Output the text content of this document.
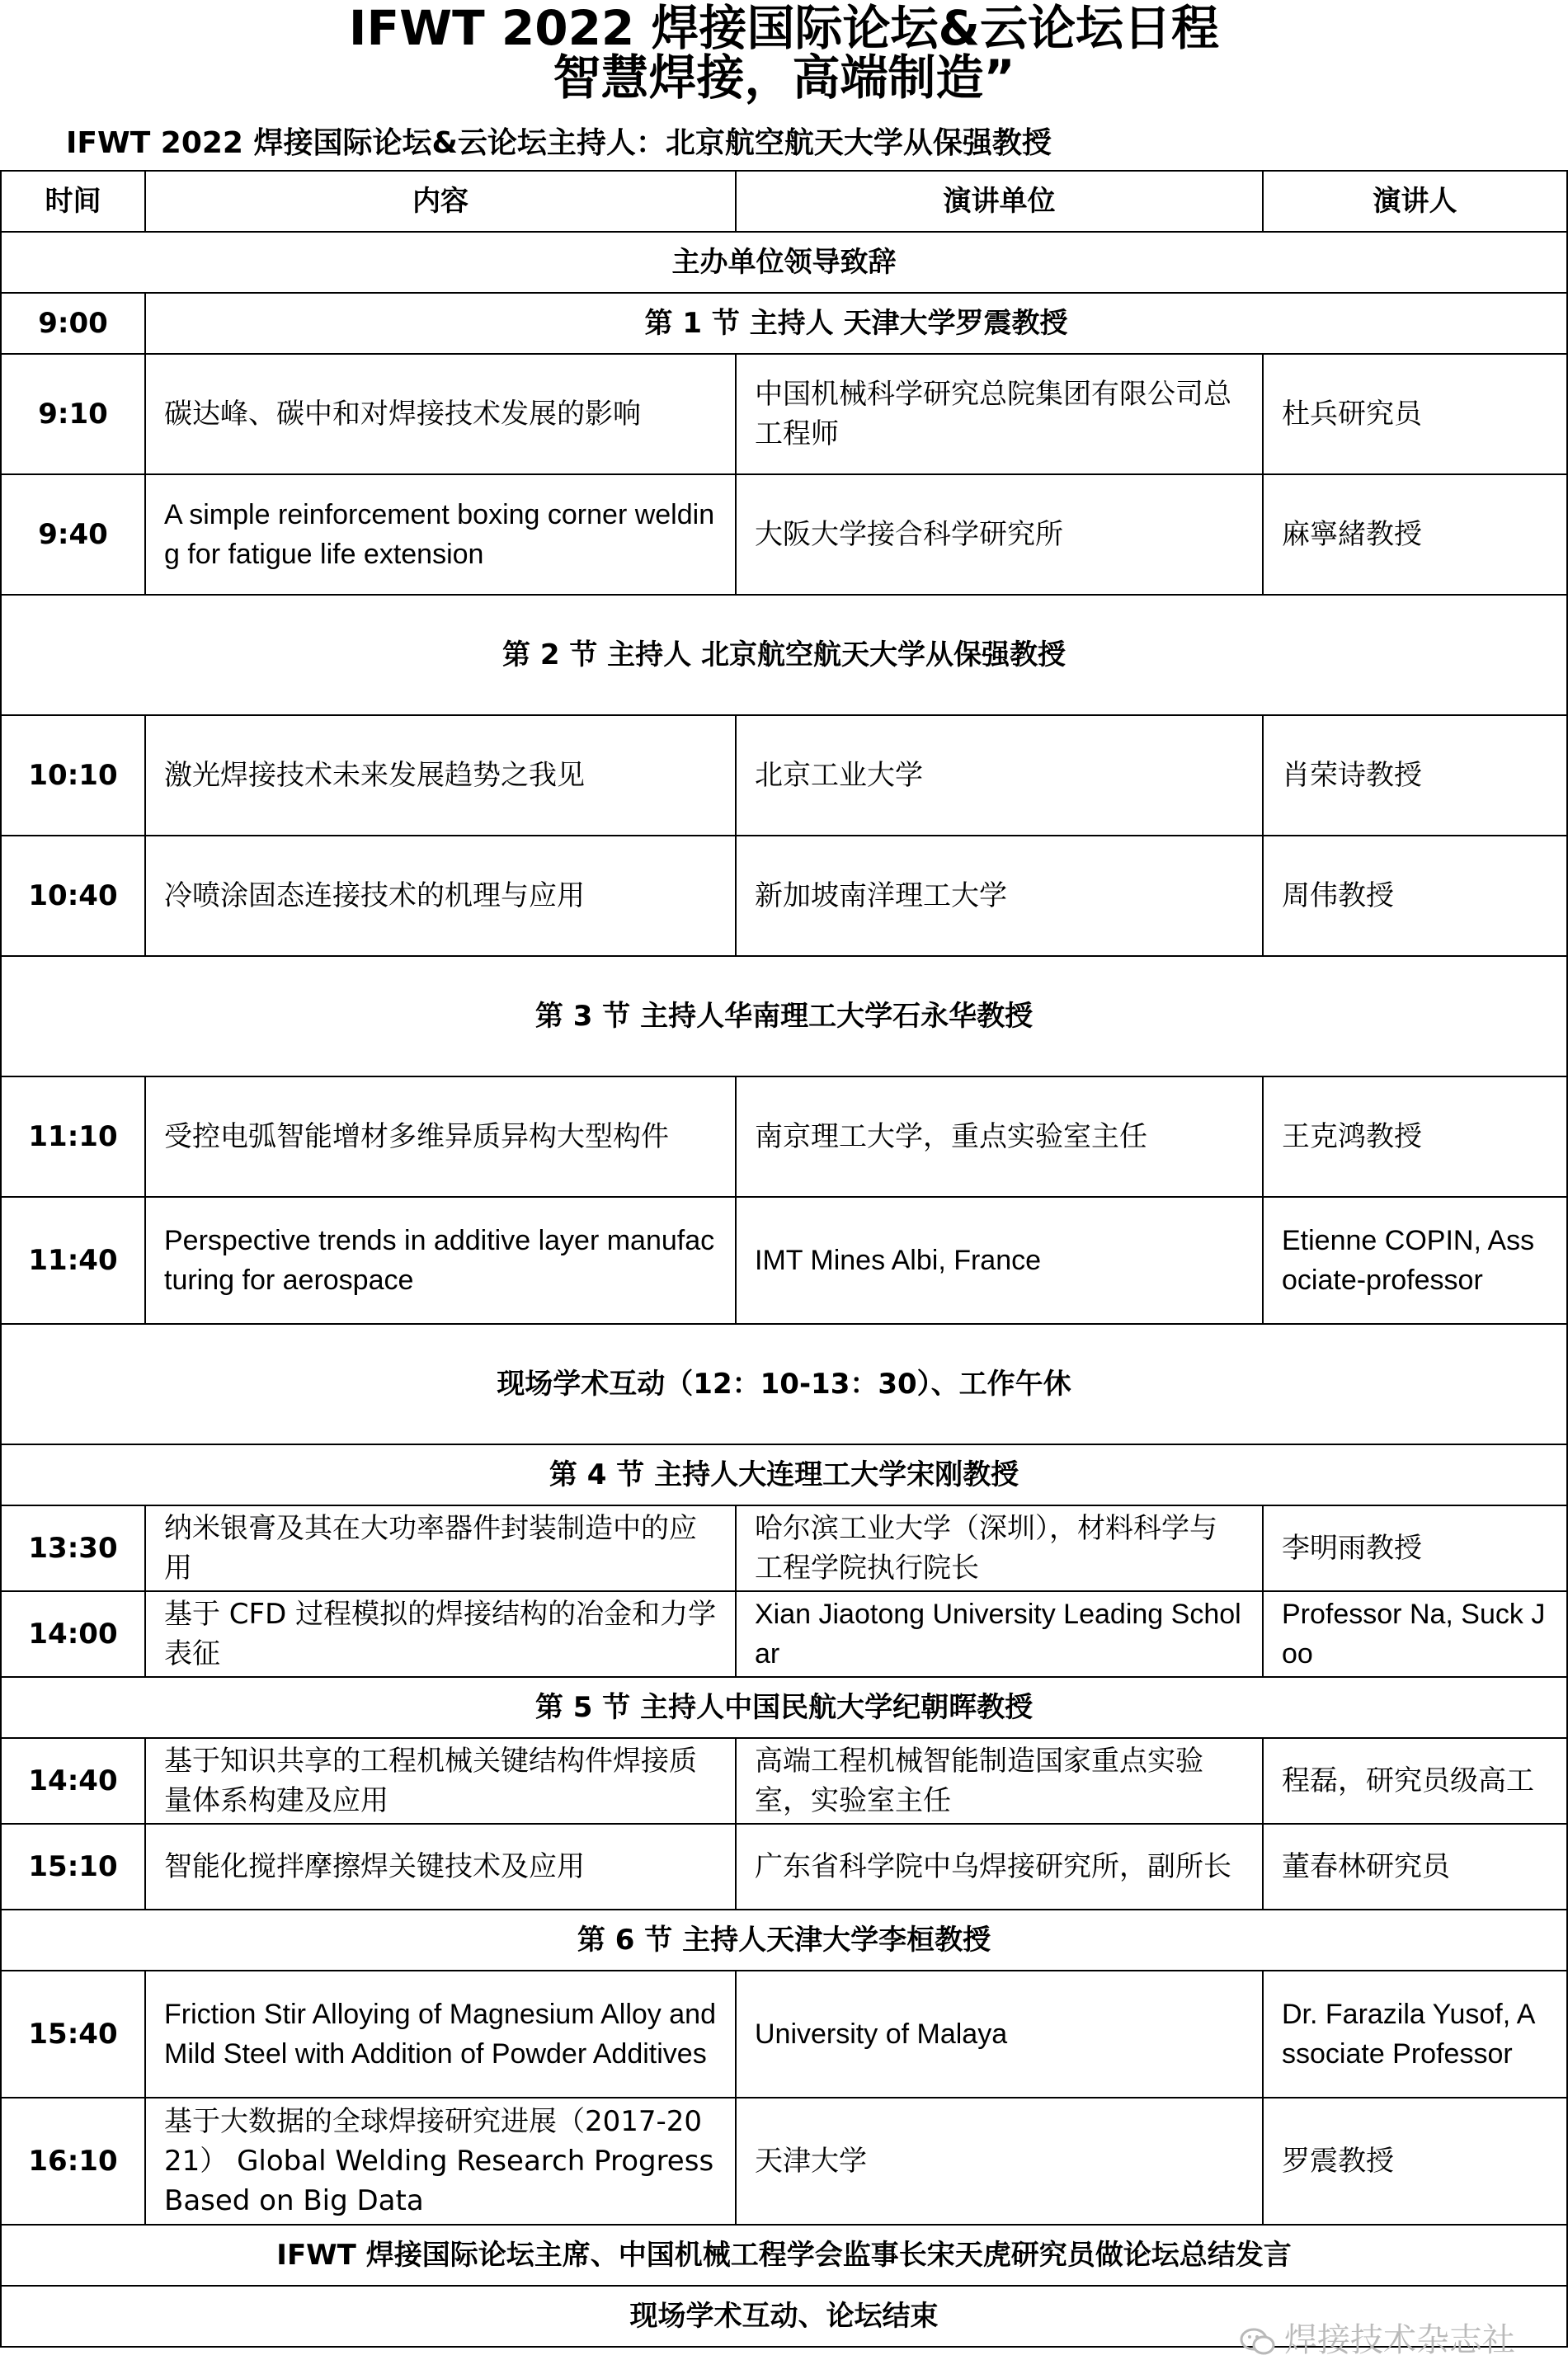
IFWT 2022 焊接国际论坛&云论坛日程
智慧焊接，高端制造”
IFWT 2022 焊接国际论坛&云论坛主持人：北京航空航天大学从保强教授
时间	内容	演讲单位	演讲人
主办单位领导致辞			
9:00	第 1 节 主持人 天津大学罗震教授		
9:10	碳达峰、碳中和对焊接技术发展的影响	中国机械科学研究总院集团有限公司总工程师	杜兵研究员
9:40	A simple reinforcement boxing corner welding for fatigue life extension	大阪大学接合科学研究所	麻寧緒教授
第 2 节 主持人 北京航空航天大学从保强教授			
10:10	激光焊接技术未来发展趋势之我见	北京工业大学	肖荣诗教授
10:40	冷喷涂固态连接技术的机理与应用	新加坡南洋理工大学	周伟教授
第 3 节 主持人华南理工大学石永华教授			
11:10	受控电弧智能增材多维异质异构大型构件	南京理工大学，重点实验室主任	王克鸿教授
11:40	Perspective trends in additive layer manufacturing for aerospace	IMT Mines Albi, France	Etienne COPIN, Associate-professor
现场学术互动（12：10-13：30）、工作午休			
第 4 节 主持人大连理工大学宋刚教授			
13:30	纳米银膏及其在大功率器件封装制造中的应用	哈尔滨工业大学（深圳），材料科学与工程学院执行院长	李明雨教授
14:00	基于 CFD 过程模拟的焊接结构的冶金和力学表征	Xian Jiaotong University Leading Scholar	Professor Na, Suck Joo
第 5 节 主持人中国民航大学纪朝晖教授			
14:40	基于知识共享的工程机械关键结构件焊接质量体系构建及应用	高端工程机械智能制造国家重点实验室，实验室主任	程磊，研究员级高工
15:10	智能化搅拌摩擦焊关键技术及应用	广东省科学院中乌焊接研究所，副所长	董春林研究员
第 6 节 主持人天津大学李桓教授			
15:40	Friction Stir Alloying of Magnesium Alloy and Mild Steel with Addition of Powder Additives	University of Malaya	Dr. Farazila Yusof, Associate Professor
16:10	基于大数据的全球焊接研究进展（2017-2021） Global Welding Research Progress Based on Big Data	天津大学	罗震教授
IFWT 焊接国际论坛主席、中国机械工程学会监事长宋天虎研究员做论坛总结发言			
现场学术互动、论坛结束			
焊接技术杂志社
